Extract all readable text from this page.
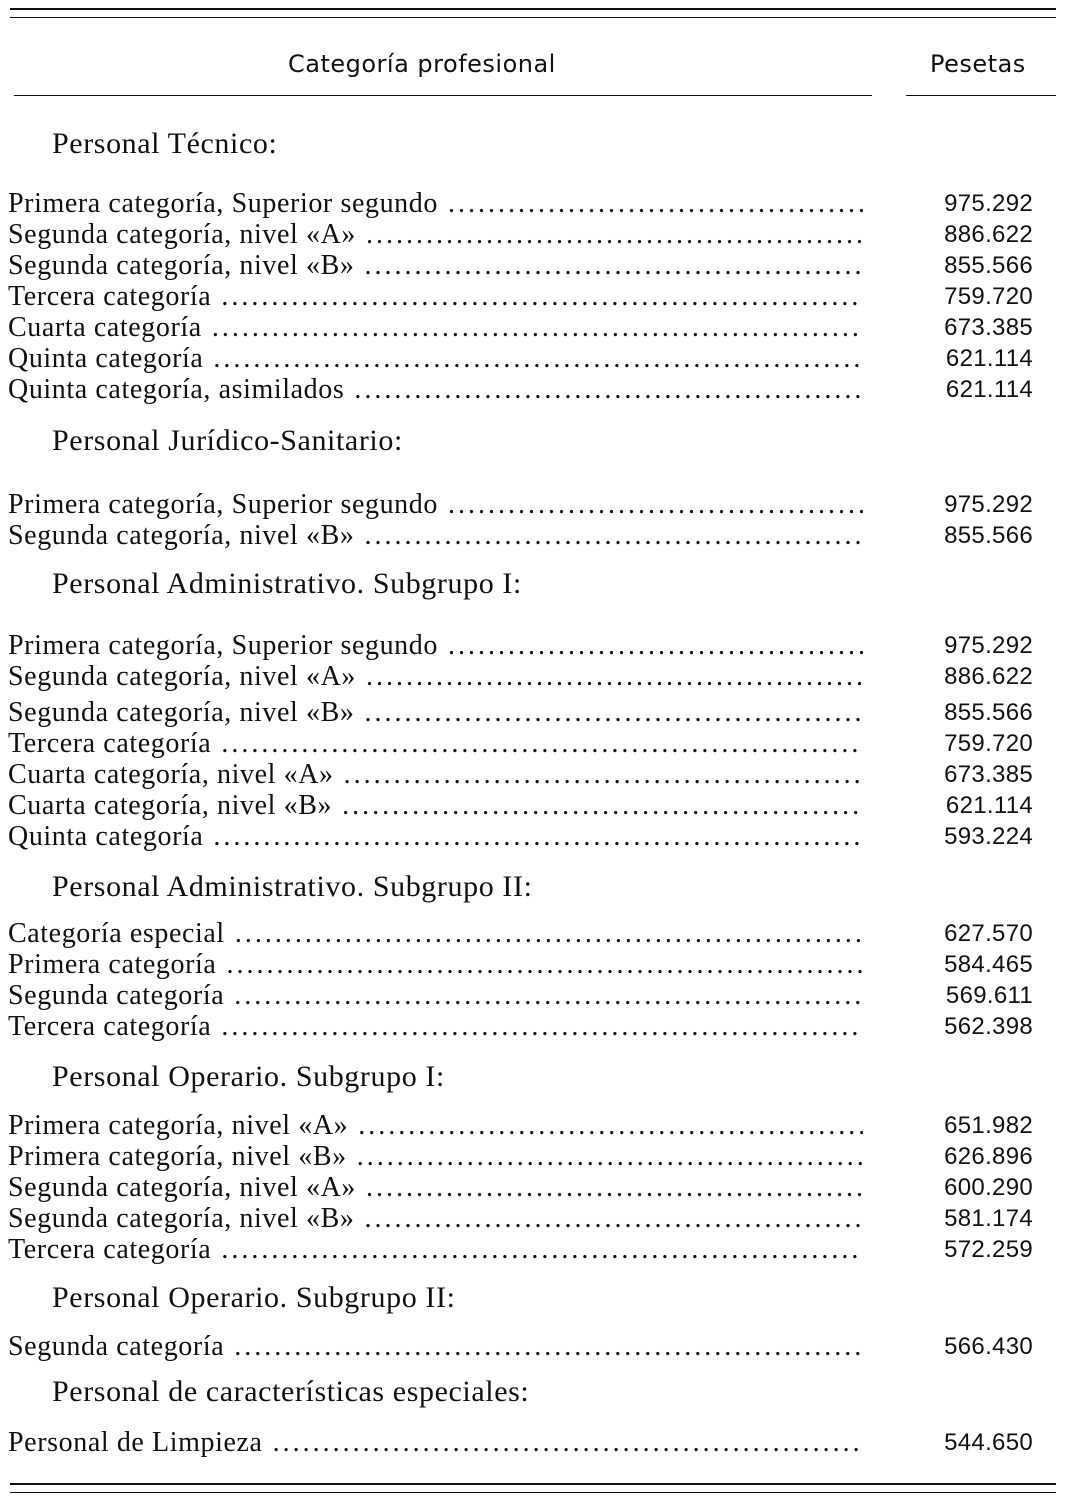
Categoría profesional	Pesetas
Personal Técnico:
Primera categoría, Superior segundo .....	975.292
Segunda categoría, nivel «A» .....	886.622
Segunda categoría, nivel «B» .....	855.566
Tercera categoría .....	759.720
Cuarta categoría .....	673.385
Quinta categoría .....	621.114
Quinta categoría, asimilados .....	621.114
Personal Jurídico-Sanitario:
Primera categoría, Superior segundo .....	975.292
Segunda categoría, nivel «B» .....	855.566
Personal Administrativo. Subgrupo I:
Primera categoría, Superior segundo .....	975.292
Segunda categoría, nivel «A» .....	886.622
Segunda categoría, nivel «B» .....	855.566
Tercera categoría .....	759.720
Cuarta categoría, nivel «A» .....	673.385
Cuarta categoría, nivel «B» .....	621.114
Quinta categoría .....	593.224
Personal Administrativo. Subgrupo II:
Categoría especial .....	627.570
Primera categoría .....	584.465
Segunda categoría .....	569.611
Tercera categoría .....	562.398
Personal Operario. Subgrupo I:
Primera categoría, nivel «A» .....	651.982
Primera categoría, nivel «B» .....	626.896
Segunda categoría, nivel «A» .....	600.290
Segunda categoría, nivel «B» .....	581.174
Tercera categoría .....	572.259
Personal Operario. Subgrupo II:
Segunda categoría .....	566.430
Personal de características especiales:
Personal de Limpieza .....	544.650
